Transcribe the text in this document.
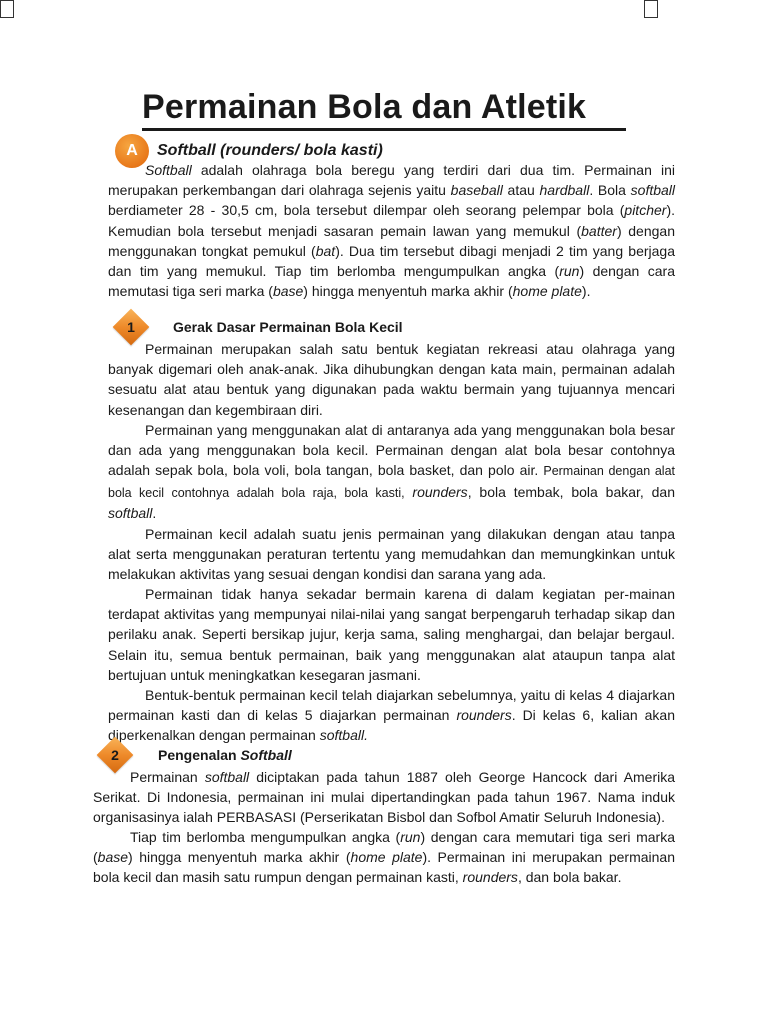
Permainan Bola dan Atletik
A	Softball (rounders/ bola kasti)

Softball adalah olahraga bola beregu yang terdiri dari dua tim. Permainan ini merupakan perkembangan dari olahraga sejenis yaitu baseball atau hardball. Bola softball berdiameter 28 - 30,5 cm, bola tersebut dilempar oleh seorang pelempar bola (pitcher). Kemudian bola tersebut menjadi sasaran pemain lawan yang memukul (batter) dengan menggunakan tongkat pemukul (bat). Dua tim tersebut dibagi menjadi 2 tim yang berjaga dan tim yang memukul. Tiap tim berlomba mengumpulkan angka (run) dengan cara memutasi tiga seri marka (base) hingga menyentuh marka akhir (home plate).

1	Gerak Dasar Permainan Bola Kecil

Permainan merupakan salah satu bentuk kegiatan rekreasi atau olahraga yang banyak digemari oleh anak-anak. Jika dihubungkan dengan kata main, permainan adalah sesuatu alat atau bentuk yang digunakan pada waktu bermain yang tujuannya mencari kesenangan dan kegembiraan diri.

Permainan yang menggunakan alat di antaranya ada yang menggunakan bola besar dan ada yang menggunakan bola kecil. Permainan dengan alat bola besar contohnya adalah sepak bola, bola voli, bola tangan, bola basket, dan polo air. Permainan dengan alat bola kecil contohnya adalah bola raja, bola kasti, rounders, bola tembak, bola bakar, dan softball.

Permainan kecil adalah suatu jenis permainan yang dilakukan dengan atau tanpa alat serta menggunakan peraturan tertentu yang memudahkan dan memungkinkan untuk melakukan aktivitas yang sesuai dengan kondisi dan sarana yang ada.

Permainan tidak hanya sekadar bermain karena di dalam kegiatan per-mainan terdapat aktivitas yang mempunyai nilai-nilai yang sangat berpengaruh terhadap sikap dan perilaku anak. Seperti bersikap jujur, kerja sama, saling menghargai, dan belajar bergaul. Selain itu, semua bentuk permainan, baik yang menggunakan alat ataupun tanpa alat bertujuan untuk meningkatkan kesegaran jasmani.

Bentuk-bentuk permainan kecil telah diajarkan sebelumnya, yaitu di kelas 4 diajarkan permainan kasti dan di kelas 5 diajarkan permainan rounders. Di kelas 6, kalian akan diperkenalkan dengan permainan softball.

2	Pengenalan Softball

Permainan softball diciptakan pada tahun 1887 oleh George Hancock dari Amerika Serikat. Di Indonesia, permainan ini mulai dipertandingkan pada tahun 1967. Nama induk organisasinya ialah PERBASASI (Perserikatan Bisbol dan Sofbol Amatir Seluruh Indonesia).

Tiap tim berlomba mengumpulkan angka (run) dengan cara memutari tiga seri marka (base) hingga menyentuh marka akhir (home plate). Permainan ini merupakan permainan bola kecil dan masih satu rumpun dengan permainan kasti, rounders, dan bola bakar.
